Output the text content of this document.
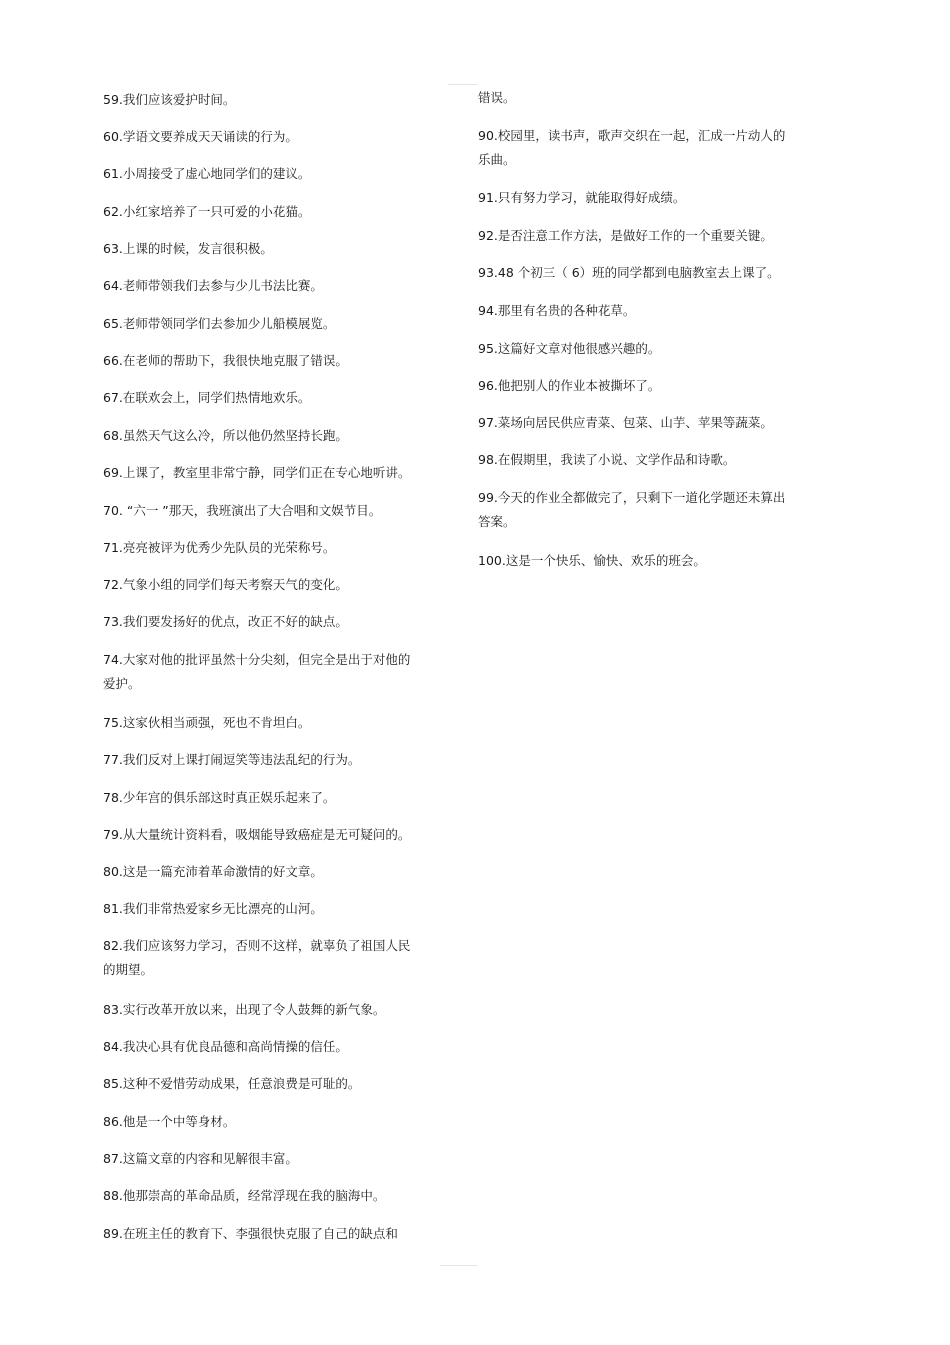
59.我们应该爱护时间。
60.学语文要养成天天诵读的行为。
61.小周接受了虚心地同学们的建议。
62.小红家培养了一只可爱的小花猫。
63.上课的时候，发言很积极。
64.老师带领我们去参与少儿书法比赛。
65.老师带领同学们去参加少儿船模展览。
66.在老师的帮助下，我很快地克服了错误。
67.在联欢会上，同学们热情地欢乐。
68.虽然天气这么冷，所以他仍然坚持长跑。
69.上课了，教室里非常宁静，同学们正在专心地听讲。
70. “六一 ”那天，我班演出了大合唱和文娱节目。
71.亮亮被评为优秀少先队员的光荣称号。
72.气象小组的同学们每天考察天气的变化。
73.我们要发扬好的优点，改正不好的缺点。
74.大家对他的批评虽然十分尖刻，但完全是出于对他的爱护。
75.这家伙相当顽强，死也不肯坦白。
77.我们反对上课打闹逗笑等违法乱纪的行为。
78.少年宫的俱乐部这时真正娱乐起来了。
79.从大量统计资料看，吸烟能导致癌症是无可疑问的。
80.这是一篇充沛着革命激情的好文章。
81.我们非常热爱家乡无比漂亮的山河。
82.我们应该努力学习，否则不这样，就辜负了祖国人民的期望。
83.实行改革开放以来，出现了令人鼓舞的新气象。
84.我决心具有优良品德和高尚情操的信任。
85.这种不爱惜劳动成果，任意浪费是可耻的。
86.他是一个中等身材。
87.这篇文章的内容和见解很丰富。
88.他那崇高的革命品质，经常浮现在我的脑海中。
89.在班主任的教育下、李强很快克服了自己的缺点和
错误。
90.校园里，读书声，歌声交织在一起，汇成一片动人的乐曲。
91.只有努力学习，就能取得好成绩。
92.是否注意工作方法，是做好工作的一个重要关键。
93.48 个初三（ 6）班的同学都到电脑教室去上课了。
94.那里有名贵的各种花草。
95.这篇好文章对他很感兴趣的。
96.他把别人的作业本被撕坏了。
97.菜场向居民供应青菜、包菜、山芋、苹果等蔬菜。
98.在假期里，我读了小说、文学作品和诗歌。
99.今天的作业全都做完了，只剩下一道化学题还未算出答案。
100.这是一个快乐、愉快、欢乐的班会。
